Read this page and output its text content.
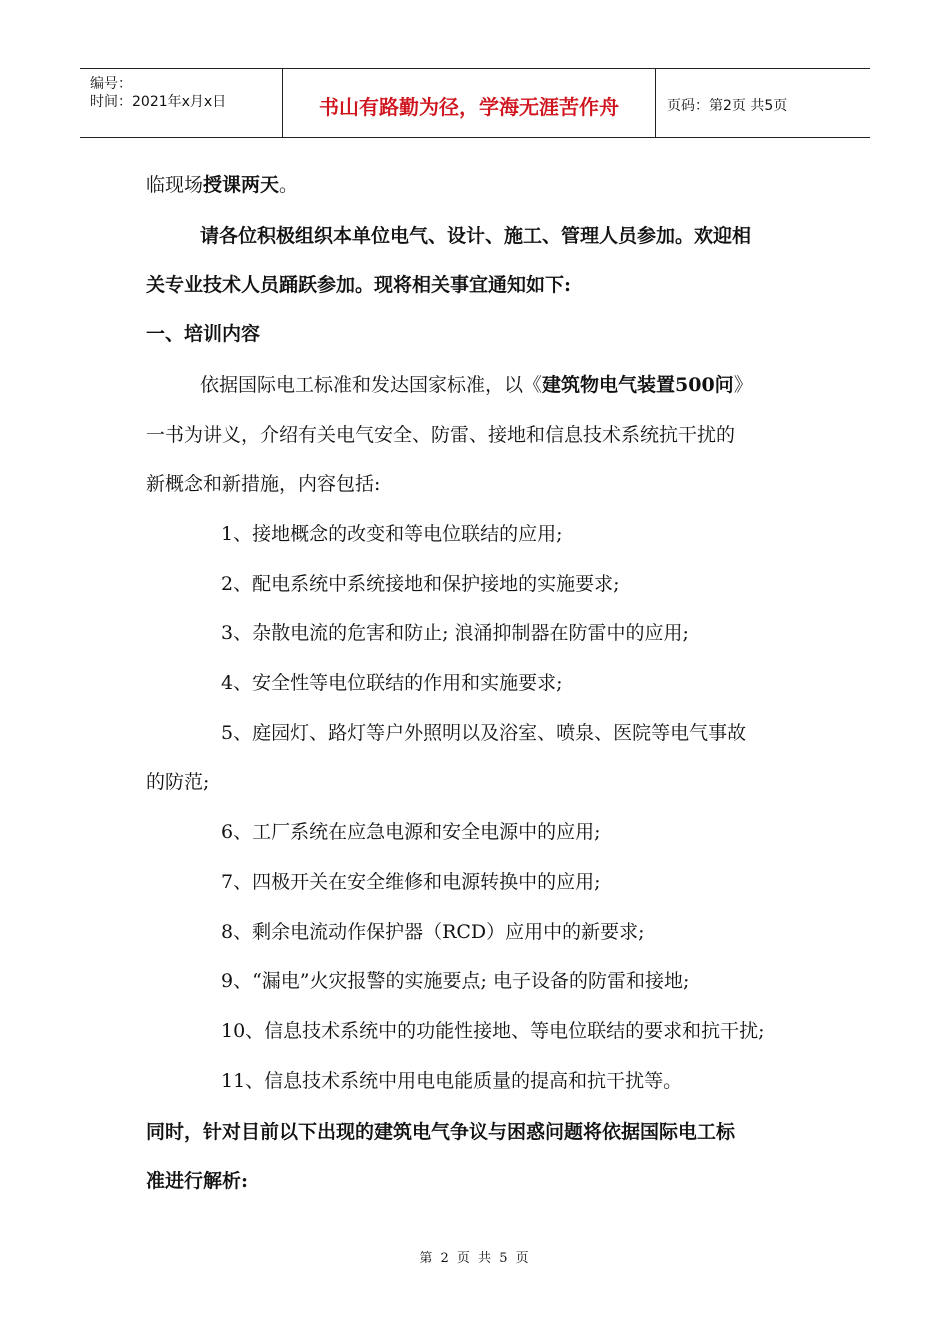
编号：
时间：2021年x月x日	书山有路勤为径，学海无涯苦作舟	页码：第2页 共5页
临现场授课两天。
请各位积极组织本单位电气、设计、施工、管理人员参加。欢迎相
关专业技术人员踊跃参加。现将相关事宜通知如下:
一、培训内容
依据国际电工标准和发达国家标准，以《建筑物电气装置500问》
一书为讲义，介绍有关电气安全、防雷、接地和信息技术系统抗干扰的
新概念和新措施，内容包括:
1、接地概念的改变和等电位联结的应用;
2、配电系统中系统接地和保护接地的实施要求;
3、杂散电流的危害和防止; 浪涌抑制器在防雷中的应用;
4、安全性等电位联结的作用和实施要求;
5、庭园灯、路灯等户外照明以及浴室、喷泉、医院等电气事故
的防范;
6、工厂系统在应急电源和安全电源中的应用;
7、四极开关在安全维修和电源转换中的应用;
8、剩余电流动作保护器（RCD）应用中的新要求;
9、“漏电”火灾报警的实施要点; 电子设备的防雷和接地;
10、信息技术系统中的功能性接地、等电位联结的要求和抗干扰;
11、信息技术系统中用电电能质量的提高和抗干扰等。
同时，针对目前以下出现的建筑电气争议与困惑问题将依据国际电工标
准进行解析:
第 2 页 共 5 页
